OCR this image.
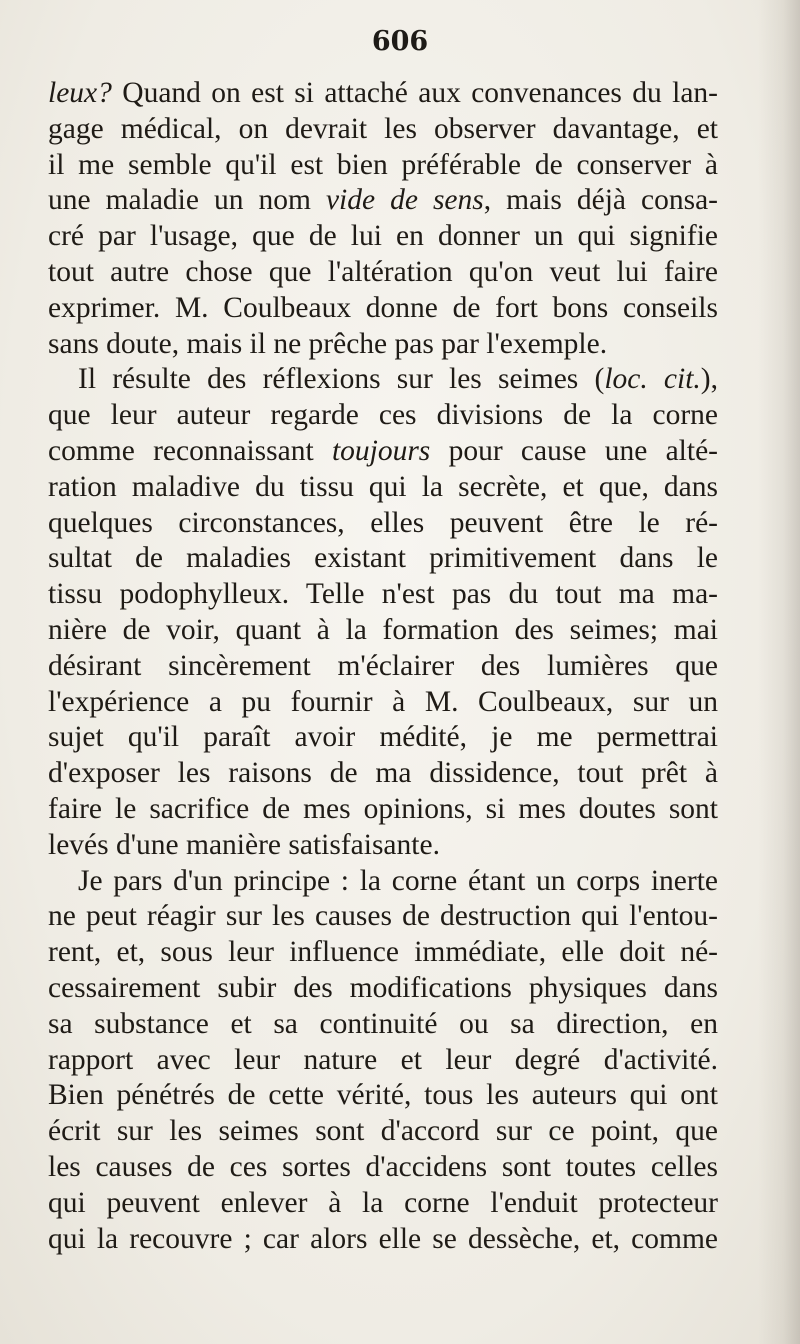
606
leux? Quand on est si attaché aux convenances du lan-
gage médical, on devrait les observer davantage, et
il me semble qu'il est bien préférable de conserver à
une maladie un nom vide de sens, mais déjà consa-
cré par l'usage, que de lui en donner un qui signifie
tout autre chose que l'altération qu'on veut lui faire
exprimer. M. Coulbeaux donne de fort bons conseils
sans doute, mais il ne prêche pas par l'exemple.
Il résulte des réflexions sur les seimes (loc. cit.),
que leur auteur regarde ces divisions de la corne
comme reconnaissant toujours pour cause une alté-
ration maladive du tissu qui la secrète, et que, dans
quelques circonstances, elles peuvent être le ré-
sultat de maladies existant primitivement dans le
tissu podophylleux. Telle n'est pas du tout ma ma-
nière de voir, quant à la formation des seimes; mai
désirant sincèrement m'éclairer des lumières que
l'expérience a pu fournir à M. Coulbeaux, sur un
sujet qu'il paraît avoir médité, je me permettrai
d'exposer les raisons de ma dissidence, tout prêt à
faire le sacrifice de mes opinions, si mes doutes sont
levés d'une manière satisfaisante.
Je pars d'un principe : la corne étant un corps inerte
ne peut réagir sur les causes de destruction qui l'entou-
rent, et, sous leur influence immédiate, elle doit né-
cessairement subir des modifications physiques dans
sa substance et sa continuité ou sa direction, en
rapport avec leur nature et leur degré d'activité.
Bien pénétrés de cette vérité, tous les auteurs qui ont
écrit sur les seimes sont d'accord sur ce point, que
les causes de ces sortes d'accidens sont toutes celles
qui peuvent enlever à la corne l'enduit protecteur
qui la recouvre ; car alors elle se dessèche, et, comme
